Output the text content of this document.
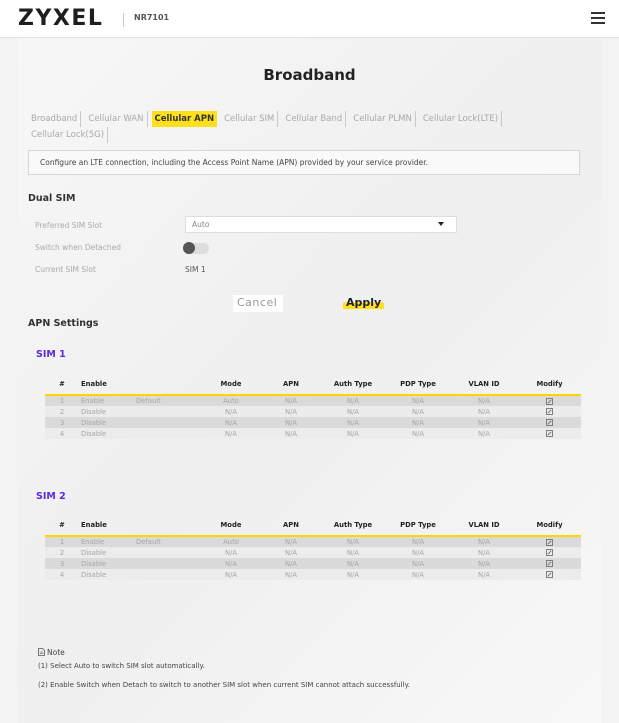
ZYXEL	NR7101
Broadband
Broadband Cellular WAN Cellular APN Cellular SIM Cellular Band Cellular PLMN Cellular Lock(LTE)
Cellular Lock(5G)
Configure an LTE connection, including the Access Point Name (APN) provided by your service provider.
Dual SIM
Preferred SIM Slot	Auto
Switch when Detached
Current SIM Slot	SIM 1
Cancel	Apply
APN Settings
SIM 1
#	Enable		Mode	APN	Auth Type	PDP Type	VLAN ID	Modify
1	Enable	Default	Auto	N/A	N/A	N/A	N/A	
2	Disable		N/A	N/A	N/A	N/A	N/A	
3	Disable		N/A	N/A	N/A	N/A	N/A	
4	Disable		N/A	N/A	N/A	N/A	N/A	
SIM 2
#	Enable		Mode	APN	Auth Type	PDP Type	VLAN ID	Modify
1	Enable	Default	Auto	N/A	N/A	N/A	N/A	
2	Disable		N/A	N/A	N/A	N/A	N/A	
3	Disable		N/A	N/A	N/A	N/A	N/A	
4	Disable		N/A	N/A	N/A	N/A	N/A	
Note
(1) Select Auto to switch SIM slot automatically.
(2) Enable Switch when Detach to switch to another SIM slot when current SIM cannot attach successfully.
